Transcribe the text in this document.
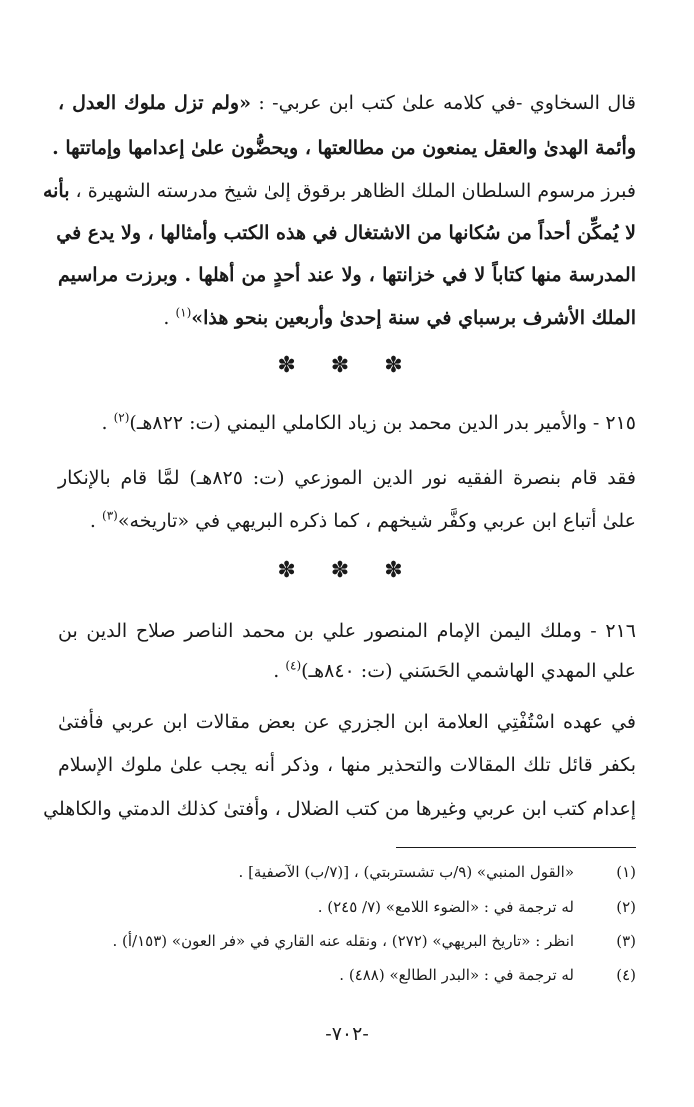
قال السخاوي -في كلامه علىٰ كتب ابن عربي- : «ولم تزل ملوك العدل ،
وأئمة الهدىٰ والعقل يمنعون من مطالعتها ، ويحضُّون علىٰ إعدامها وإماتتها .
فبرز مرسوم السلطان الملك الظاهر برقوق إلىٰ شيخ مدرسته الشهيرة ، بأنه
لا يُمكِّن أحداً من سُكانها من الاشتغال في هذه الكتب وأمثالها ، ولا يدع في
المدرسة منها كتاباً لا في خزانتها ، ولا عند أحدٍ من أهلها . وبرزت مراسيم
الملك الأشرف برسباي في سنة إحدىٰ وأربعين بنحو هذا»$^{(١)}$ .
✽ ✽ ✽
٢١٥ - والأمير بدر الدين محمد بن زياد الكاملي اليمني (ت: ٨٢٢هـ)$^{(٢)}$ .
فقد قام بنصرة الفقيه نور الدين الموزعي (ت: ٨٢٥هـ) لمَّا قام بالإنكار
علىٰ أتباع ابن عربي وكفَّر شيخهم ، كما ذكره البريهي في «تاريخه»$^{(٣)}$ .
✽ ✽ ✽
٢١٦ - وملك اليمن الإمام المنصور علي بن محمد الناصر صلاح الدين بن
علي المهدي الهاشمي الحَسَني (ت: ٨٤٠هـ)$^{(٤)}$ .
في عهده اسْتُفْتِي العلامة ابن الجزري عن بعض مقالات ابن عربي فأفتىٰ
بكفر قائل تلك المقالات والتحذير منها ، وذكر أنه يجب علىٰ ملوك الإسلام
إعدام كتب ابن عربي وغيرها من كتب الضلال ، وأفتىٰ كذلك الدمتي والكاهلي
(١)
«القول المنبي» (٩/ب تشستربتي) ، [(٧/ب) الآصفية] .
(٢)
له ترجمة في : «الضوء اللامع» (٧/ ٢٤٥) .
(٣)
انظر : «تاريخ البريهي» (٢٧٢) ، ونقله عنه القاري في «فر العون» (١٥٣/أ) .
(٤)
له ترجمة في : «البدر الطالع» (٤٨٨) .
-٧٠٢-
